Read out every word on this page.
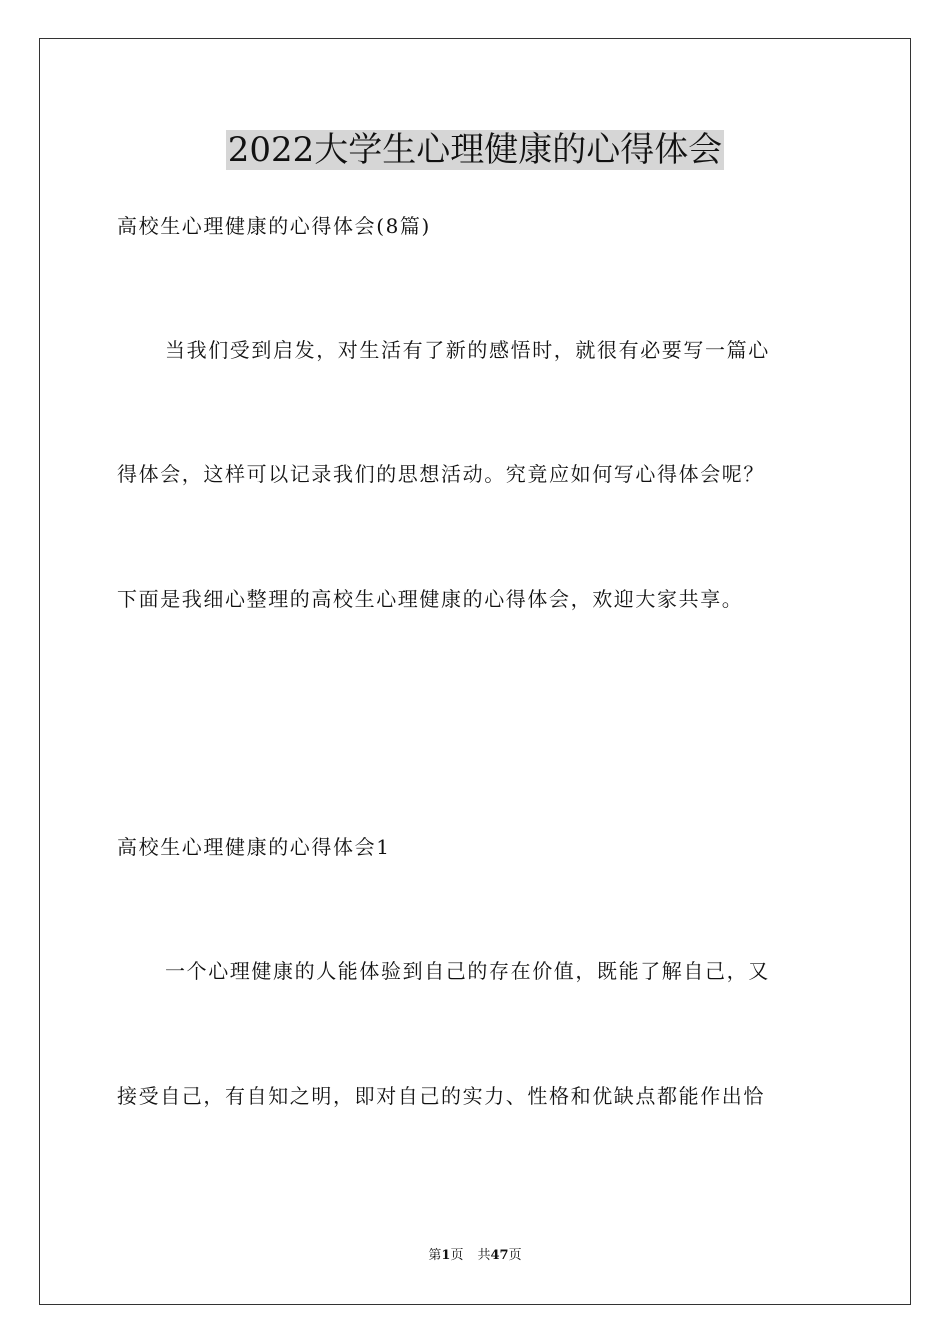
2022大学生心理健康的心得体会

高校生心理健康的心得体会(8篇)

当我们受到启发，对生活有了新的感悟时，就很有必要写一篇心

得体会，这样可以记录我们的思想活动。究竟应如何写心得体会呢？

下面是我细心整理的高校生心理健康的心得体会，欢迎大家共享。

高校生心理健康的心得体会1

一个心理健康的人能体验到自己的存在价值，既能了解自己，又

接受自己，有自知之明，即对自己的实力、性格和优缺点都能作出恰

第1页 共47页
